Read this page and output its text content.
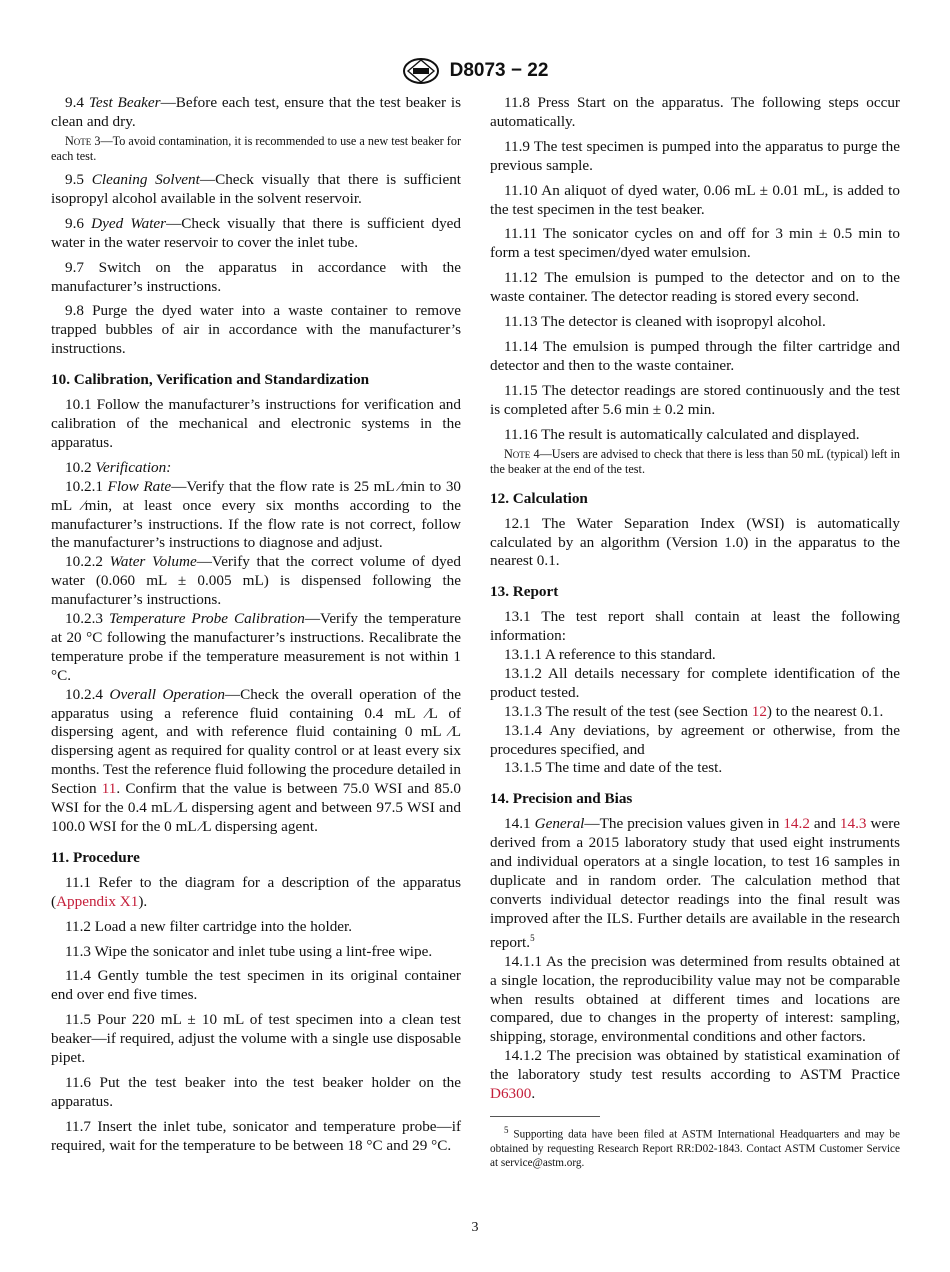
D8073 − 22

9.4 Test Beaker—Before each test, ensure that the test beaker is clean and dry.

Note 3—To avoid contamination, it is recommended to use a new test beaker for each test.

9.5 Cleaning Solvent—Check visually that there is sufficient isopropyl alcohol available in the solvent reservoir.

9.6 Dyed Water—Check visually that there is sufficient dyed water in the water reservoir to cover the inlet tube.

9.7 Switch on the apparatus in accordance with the manufacturer’s instructions.

9.8 Purge the dyed water into a waste container to remove trapped bubbles of air in accordance with the manufacturer’s instructions.

10. Calibration, Verification and Standardization

10.1 Follow the manufacturer’s instructions for verification and calibration of the mechanical and electronic systems in the apparatus.

10.2 Verification:

10.2.1 Flow Rate—Verify that the flow rate is 25 mL ⁄min to 30 mL ⁄min, at least once every six months according to the manufacturer’s instructions. If the flow rate is not correct, follow the manufacturer’s instructions to diagnose and adjust.

10.2.2 Water Volume—Verify that the correct volume of dyed water (0.060 mL ± 0.005 mL) is dispensed following the manufacturer’s instructions.

10.2.3 Temperature Probe Calibration—Verify the temperature at 20 °C following the manufacturer’s instructions. Recalibrate the temperature probe if the temperature measurement is not within 1 °C.

10.2.4 Overall Operation—Check the overall operation of the apparatus using a reference fluid containing 0.4 mL ⁄L of dispersing agent, and with reference fluid containing 0 mL ⁄L dispersing agent as required for quality control or at least every six months. Test the reference fluid following the procedure detailed in Section 11. Confirm that the value is between 75.0 WSI and 85.0 WSI for the 0.4 mL ⁄L dispersing agent and between 97.5 WSI and 100.0 WSI for the 0 mL ⁄L dispersing agent.

11. Procedure

11.1 Refer to the diagram for a description of the apparatus (Appendix X1).

11.2 Load a new filter cartridge into the holder.

11.3 Wipe the sonicator and inlet tube using a lint-free wipe.

11.4 Gently tumble the test specimen in its original container end over end five times.

11.5 Pour 220 mL ± 10 mL of test specimen into a clean test beaker—if required, adjust the volume with a single use disposable pipet.

11.6 Put the test beaker into the test beaker holder on the apparatus.

11.7 Insert the inlet tube, sonicator and temperature probe—if required, wait for the temperature to be between 18 °C and 29 °C.

11.8 Press Start on the apparatus. The following steps occur automatically.

11.9 The test specimen is pumped into the apparatus to purge the previous sample.

11.10 An aliquot of dyed water, 0.06 mL ± 0.01 mL, is added to the test specimen in the test beaker.

11.11 The sonicator cycles on and off for 3 min ± 0.5 min to form a test specimen/dyed water emulsion.

11.12 The emulsion is pumped to the detector and on to the waste container. The detector reading is stored every second.

11.13 The detector is cleaned with isopropyl alcohol.

11.14 The emulsion is pumped through the filter cartridge and detector and then to the waste container.

11.15 The detector readings are stored continuously and the test is completed after 5.6 min ± 0.2 min.

11.16 The result is automatically calculated and displayed.

Note 4—Users are advised to check that there is less than 50 mL (typical) left in the beaker at the end of the test.

12. Calculation

12.1 The Water Separation Index (WSI) is automatically calculated by an algorithm (Version 1.0) in the apparatus to the nearest 0.1.

13. Report

13.1 The test report shall contain at least the following information:

13.1.1 A reference to this standard.

13.1.2 All details necessary for complete identification of the product tested.

13.1.3 The result of the test (see Section 12) to the nearest 0.1.

13.1.4 Any deviations, by agreement or otherwise, from the procedures specified, and

13.1.5 The time and date of the test.

14. Precision and Bias

14.1 General—The precision values given in 14.2 and 14.3 were derived from a 2015 laboratory study that used eight instruments and individual operators at a single location, to test 16 samples in duplicate and in random order. The calculation method that converts individual detector readings into the final result was improved after the ILS. Further details are available in the research report.$^5$

14.1.1 As the precision was determined from results obtained at a single location, the reproducibility value may not be comparable when results obtained at different times and locations are compared, due to changes in the property of interest: sampling, shipping, storage, environmental conditions and other factors.

14.1.2 The precision was obtained by statistical examination of the laboratory study test results according to ASTM Practice D6300.

$^5$ Supporting data have been filed at ASTM International Headquarters and may be obtained by requesting Research Report RR:D02-1843. Contact ASTM Customer Service at service@astm.org.

3
